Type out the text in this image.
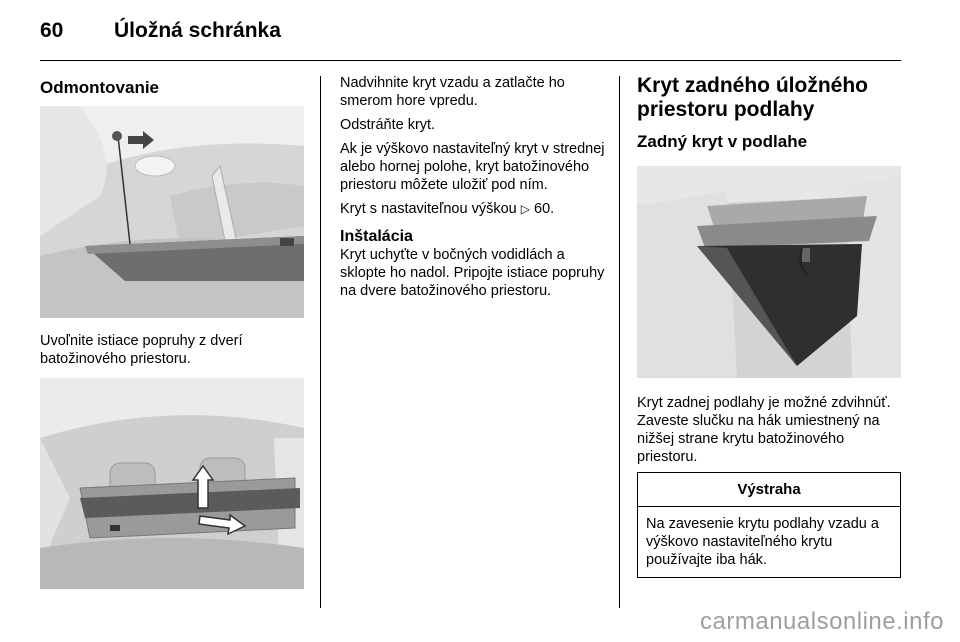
60 Úložná schránka
Odmontovanie

Uvoľnite istiace popruhy z dverí batožinového priestoru.

Nadvihnite kryt vzadu a zatlačte ho smerom hore vpredu.

Odstráňte kryt.

Ak je výškovo nastaviteľný kryt v strednej alebo hornej polohe, kryt batožinového priestoru môžete uložiť pod ním.

Kryt s nastaviteľnou výškou ▷ 60.

Inštalácia

Kryt uchyťte v bočných vodidlách a sklopte ho nadol. Pripojte istiace popruhy na dvere batožinového priestoru.

Kryt zadného úložného priestoru podlahy
Zadný kryt v podlahe

Kryt zadnej podlahy je možné zdvihnúť. Zaveste slučku na hák umiestnený na nižšej strane krytu batožinového priestoru.

Výstraha
Na zavesenie krytu podlahy vzadu a výškovo nastaviteľného krytu používajte iba hák.
carmanualsonline.info
